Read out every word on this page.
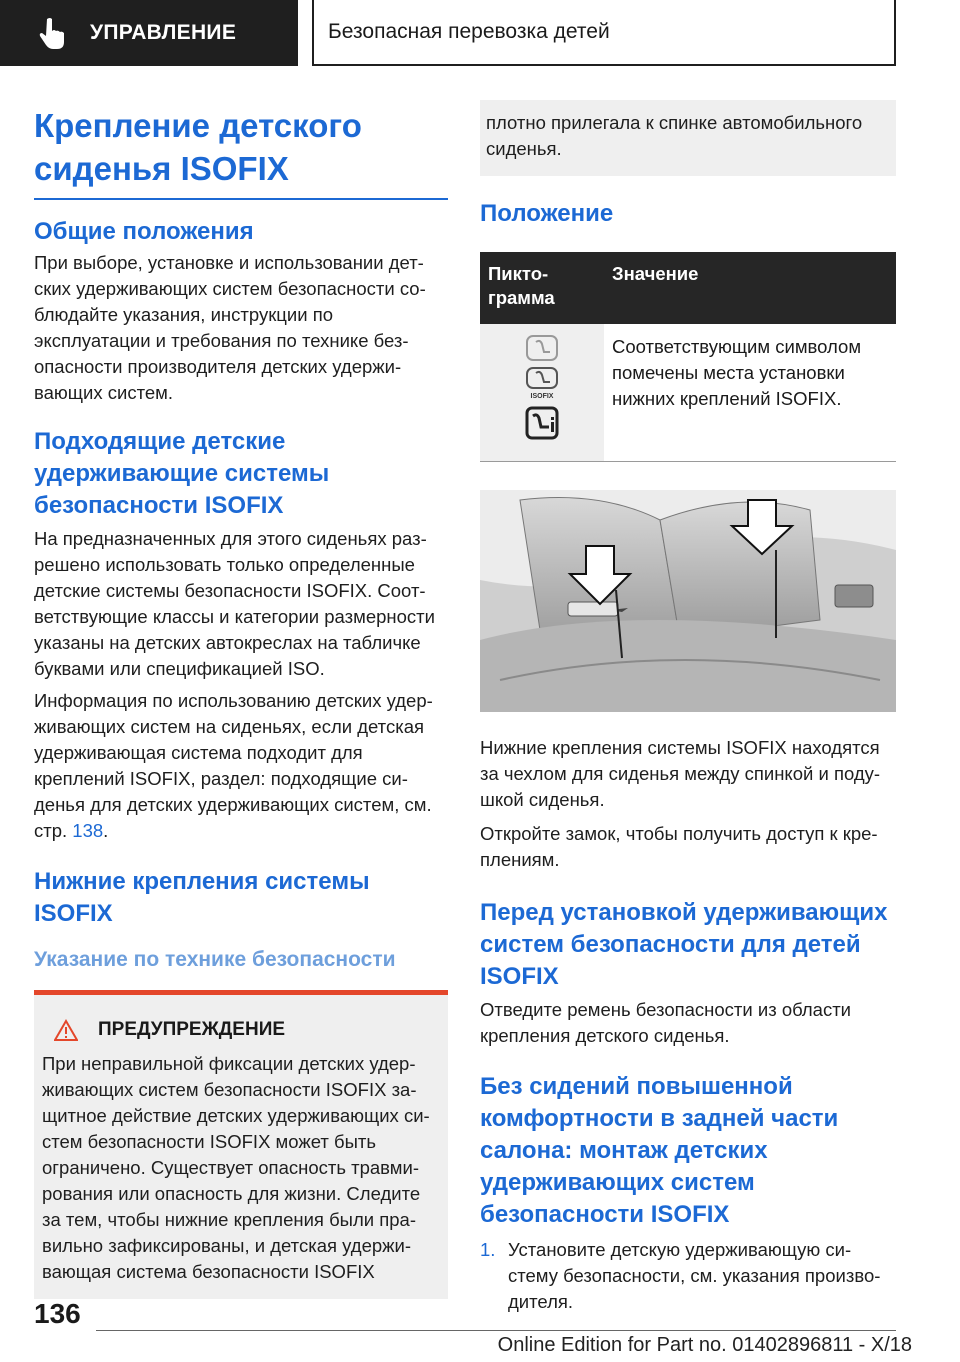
УПРАВЛЕНИЕ	Безопасная перевозка детей
Крепление детского сиденья ISOFIX
Общие положения

При выборе, установке и использовании дет-ских удерживающих систем безопасности со-блюдайте указания, инструкции по эксплуатации и требования по технике без-опасности производителя детских удержи-вающих систем.

Подходящие детские удерживающие системы безопасности ISOFIX

На предназначенных для этого сиденьях раз-решено использовать только определенные детские системы безопасности ISOFIX. Соот-ветствующие классы и категории размерности указаны на детских автокреслах на табличке буквами или спецификацией ISO.

Информация по использованию детских удер-живающих систем на сиденьях, если детская удерживающая система подходит для креплений ISOFIX, раздел: подходящие си-денья для детских удерживающих систем, см. стр. 138.

Нижние крепления системы ISOFIX
Указание по технике безопасности
ПРЕДУПРЕЖДЕНИЕ

При неправильной фиксации детских удер-живающих систем безопасности ISOFIX за-щитное действие детских удерживающих си-стем безопасности ISOFIX может быть ограничено. Существует опасность травми-рования или опасность для жизни. Следите за тем, чтобы нижние крепления были пра-вильно зафиксированы, и детская удержи-вающая система безопасности ISOFIX

плотно прилегала к спинке автомобильного сиденья.

Положение
Пикто-грамма	Значение

ISOFIX	Соответствующим символом помечены места установки нижних креплений ISOFIX.

Нижние крепления системы ISOFIX находятся за чехлом для сиденья между спинкой и поду-шкой сиденья.

Откройте замок, чтобы получить доступ к кре-плениям.

Перед установкой удерживающих систем безопасности для детей ISOFIX

Отведите ремень безопасности из области крепления детского сиденья.

Без сидений повышенной комфортности в задней части салона: монтаж детских удерживающих систем безопасности ISOFIX
1. Установите детскую удерживающую си-стему безопасности, см. указания произво-дителя.

136
Online Edition for Part no. 01402896811 - X/18
